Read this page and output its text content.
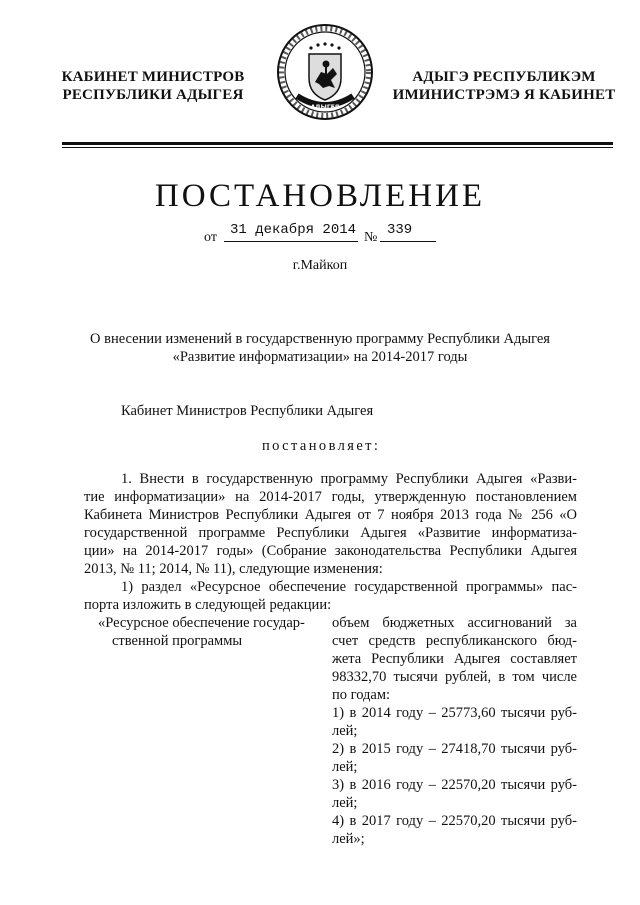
КАБИНЕТ МИНИСТРОВ
РЕСПУБЛИКИ АДЫГЕЯ
АДЫГЕЯ
АДЫГЭ РЕСПУБЛИКЭМ
ИМИНИСТРЭМЭ Я КАБИНЕТ
ПОСТАНОВЛЕНИЕ
от 31 декабря 2014 № 339
г.Майкоп
О внесении изменений в государственную программу Республики Адыгея
«Развитие информатизации» на 2014-2017 годы
Кабинет Министров Республики Адыгея
постановляет:
1. Внести в государственную программу Республики Адыгея «Разви-
тие информатизации» на 2014-2017 годы, утвержденную постановлением
Кабинета Министров Республики Адыгея от 7 ноября 2013 года № 256 «О
государственной программе Республики Адыгея «Развитие информатиза-
ции» на 2014-2017 годы» (Собрание законодательства Республики Адыгея
2013, № 11; 2014, № 11), следующие изменения:
1) раздел «Ресурсное обеспечение государственной программы» пас-
порта изложить в следующей редакции:
«Ресурсное обеспечение государ-
ственной программы
объем бюджетных ассигнований за
счет средств республиканского бюд-
жета Республики Адыгея составляет
98332,70 тысячи рублей, в том числе
по годам:
1) в 2014 году – 25773,60 тысячи руб-
лей;
2) в 2015 году – 27418,70 тысячи руб-
лей;
3) в 2016 году – 22570,20 тысячи руб-
лей;
4) в 2017 году – 22570,20 тысячи руб-
лей»;
